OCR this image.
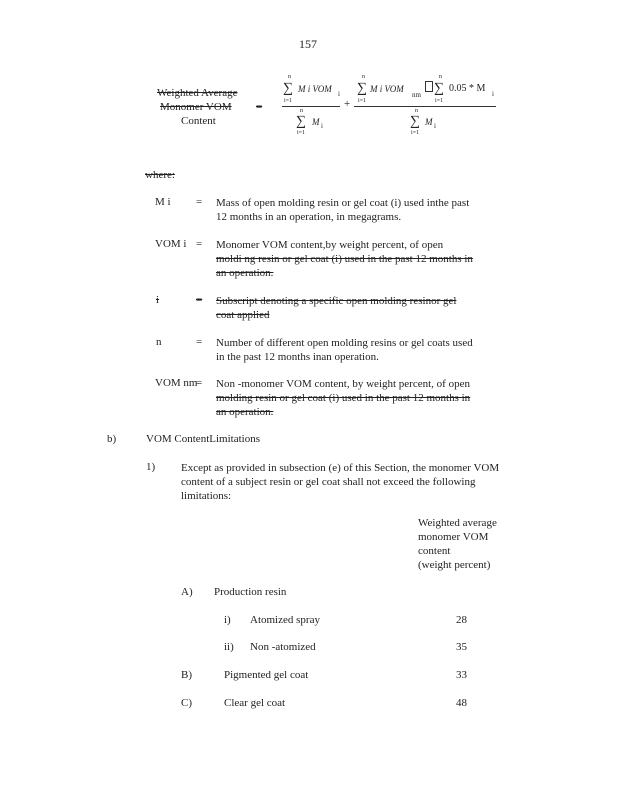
157
Weighted Average
Monomer VOM
Content
=
n
∑
i=1
M i VOM i
n
∑
i=1
M i
+
n
∑
i=1
M i VOM
nm
n
∑
i=1
0.05 * M i
n
∑
i=1
M i
where:
M i = Mass of open molding resin or gel coat (i) used inthe past
12 months in an operation, in megagrams.
VOM i = Monomer VOM content,by weight percent, of open
moldi ng resin or gel coat (i) used in the past 12 months in
an operation.
i	= Subscript denoting a specific open molding resinor gel
coat applied
n	= Number of different open molding resins or gel coats used
in the past 12 months inan operation.
VOM nm
= Non -monomer VOM content, by weight percent, of open
molding resin or gel coat (i) used in the past 12 months in
an operation.
b)	VOM ContentLimitations
1) Except as provided in subsection (e) of this Section, the monomer VOM
content of a subject resin or gel coat shall not exceed the following
limitations:
Weighted average
monomer VOM
content
(weight percent)
A) Production resin
i) Atomized spray	28
ii) Non -atomized	35
B)	Pigmented gel coat	33
C)	Clear gel coat	48
